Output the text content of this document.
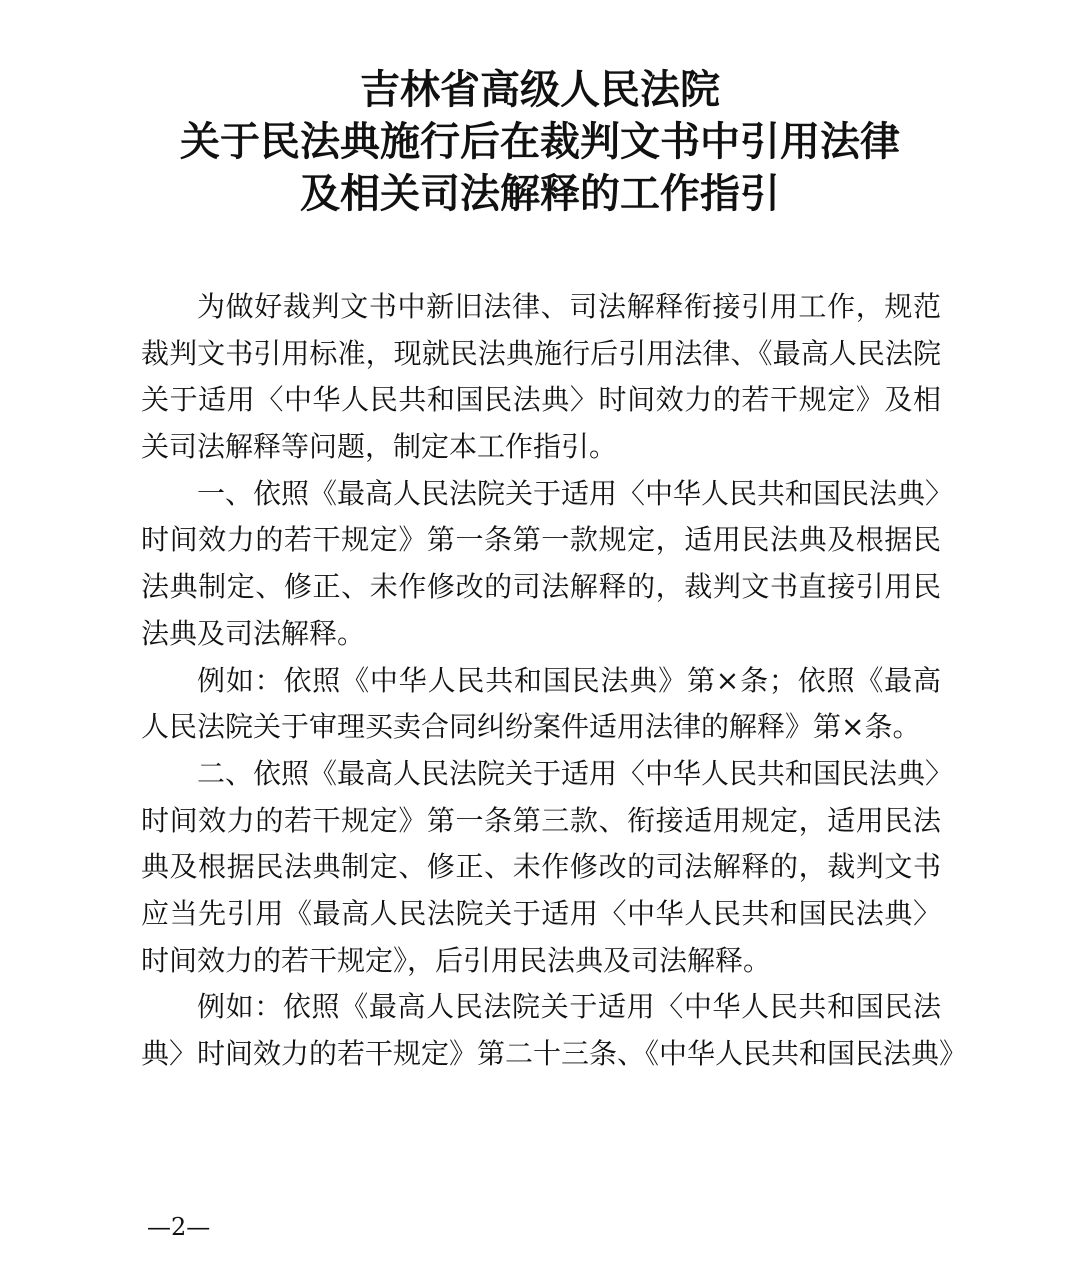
吉林省高级人民法院
关于民法典施行后在裁判文书中引用法律
及相关司法解释的工作指引
为做好裁判文书中新旧法律、司法解释衔接引用工作，规范
裁判文书引用标准，现就民法典施行后引用法律、《最高人民法院
关于适用〈中华人民共和国民法典〉时间效力的若干规定》及相
关司法解释等问题，制定本工作指引。
一、依照《最高人民法院关于适用〈中华人民共和国民法典〉
时间效力的若干规定》第一条第一款规定，适用民法典及根据民
法典制定、修正、未作修改的司法解释的，裁判文书直接引用民
法典及司法解释。
例如：依照《中华人民共和国民法典》第×条；依照《最高
人民法院关于审理买卖合同纠纷案件适用法律的解释》第×条。
二、依照《最高人民法院关于适用〈中华人民共和国民法典〉
时间效力的若干规定》第一条第三款、衔接适用规定，适用民法
典及根据民法典制定、修正、未作修改的司法解释的，裁判文书
应当先引用《最高人民法院关于适用〈中华人民共和国民法典〉
时间效力的若干规定》，后引用民法典及司法解释。
例如：依照《最高人民法院关于适用〈中华人民共和国民法
典〉时间效力的若干规定》第二十三条、《中华人民共和国民法典》
—2—
